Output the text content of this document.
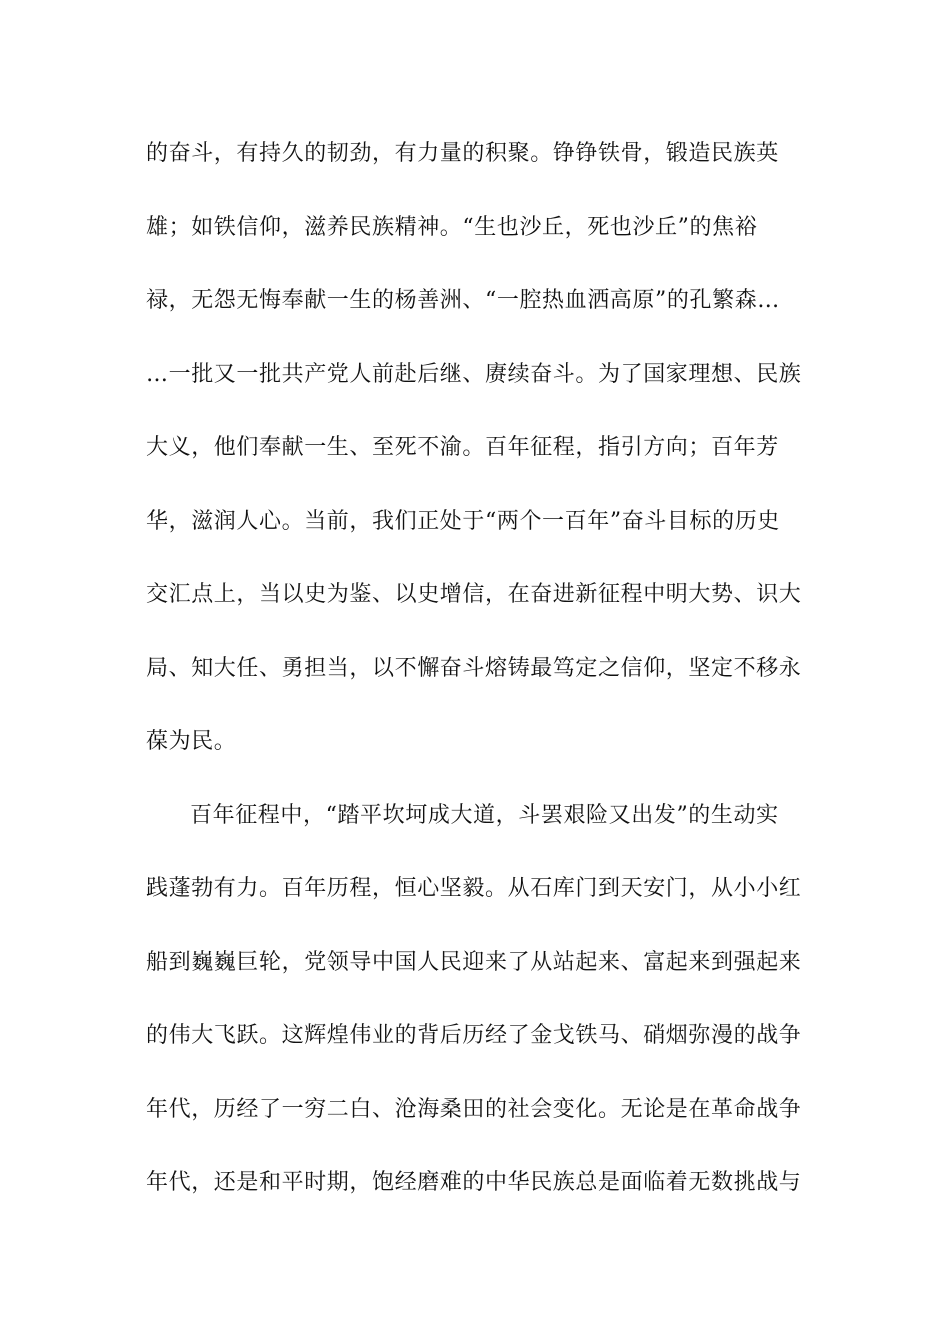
的奋斗，有持久的韧劲，有力量的积聚。铮铮铁骨，锻造民族英
雄；如铁信仰，滋养民族精神。“生也沙丘，死也沙丘”的焦裕
禄，无怨无悔奉献一生的杨善洲、“一腔热血洒高原”的孔繁森…
…一批又一批共产党人前赴后继、赓续奋斗。为了国家理想、民族
大义，他们奉献一生、至死不渝。百年征程，指引方向；百年芳
华，滋润人心。当前，我们正处于“两个一百年”奋斗目标的历史
交汇点上，当以史为鉴、以史增信，在奋进新征程中明大势、识大
局、知大任、勇担当，以不懈奋斗熔铸最笃定之信仰，坚定不移永
葆为民。
百年征程中，“踏平坎坷成大道，斗罢艰险又出发”的生动实
践蓬勃有力。百年历程，恒心坚毅。从石库门到天安门，从小小红
船到巍巍巨轮，党领导中国人民迎来了从站起来、富起来到强起来
的伟大飞跃。这辉煌伟业的背后历经了金戈铁马、硝烟弥漫的战争
年代，历经了一穷二白、沧海桑田的社会变化。无论是在革命战争
年代，还是和平时期，饱经磨难的中华民族总是面临着无数挑战与
